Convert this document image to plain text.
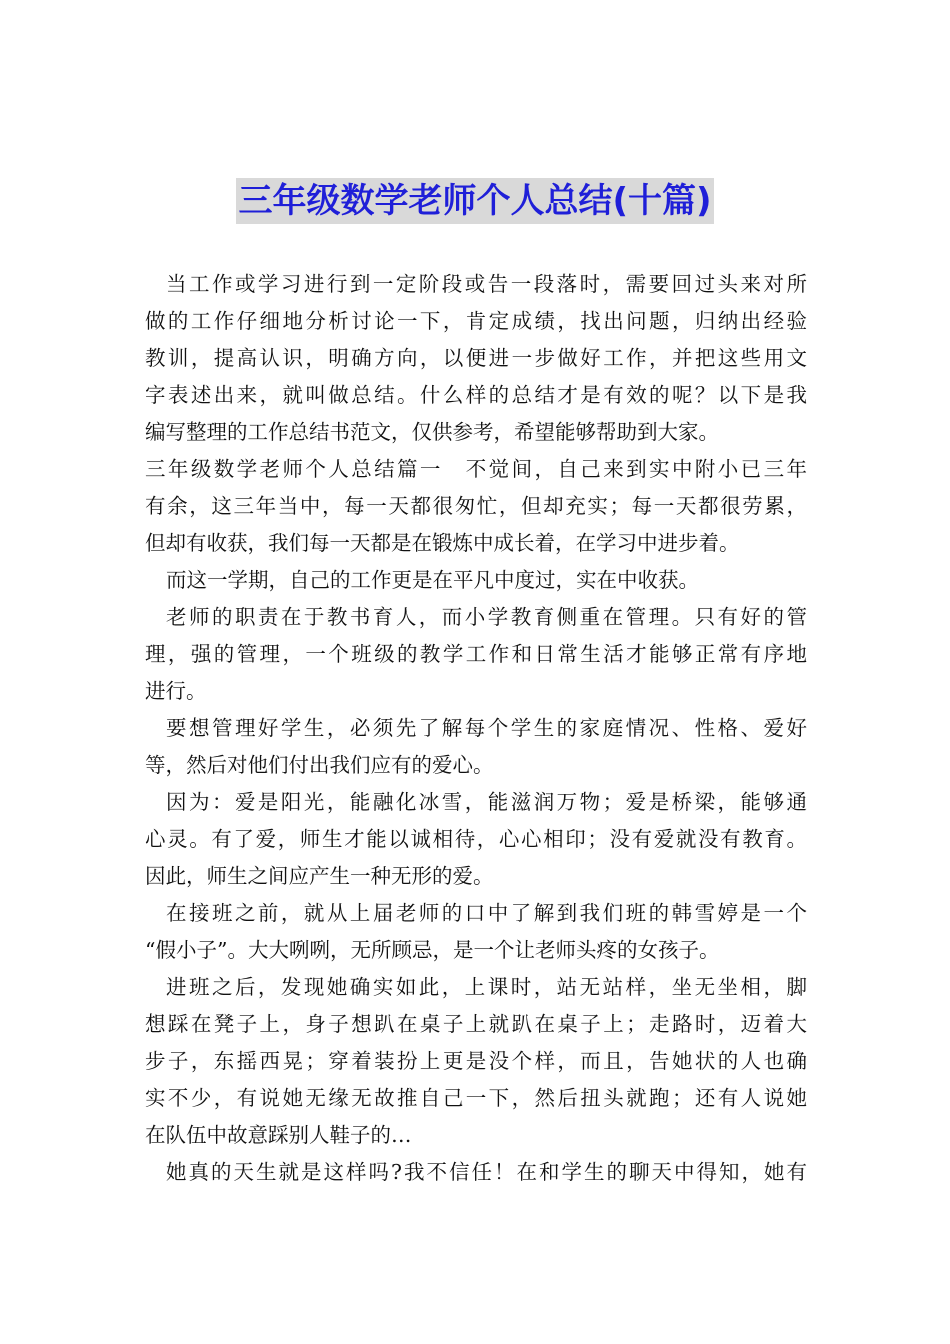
三年级数学老师个人总结(十篇)
当工作或学习进行到一定阶段或告一段落时，需要回过头来对所
做的工作仔细地分析讨论一下，肯定成绩，找出问题，归纳出经验
教训，提高认识，明确方向，以便进一步做好工作，并把这些用文
字表述出来，就叫做总结。什么样的总结才是有效的呢？以下是我
编写整理的工作总结书范文，仅供参考，希望能够帮助到大家。
三年级数学老师个人总结篇一　不觉间，自己来到实中附小已三年
有余，这三年当中，每一天都很匆忙，但却充实；每一天都很劳累，
但却有收获，我们每一天都是在锻炼中成长着，在学习中进步着。
而这一学期，自己的工作更是在平凡中度过，实在中收获。
老师的职责在于教书育人，而小学教育侧重在管理。只有好的管
理，强的管理，一个班级的教学工作和日常生活才能够正常有序地
进行。
要想管理好学生，必须先了解每个学生的家庭情况、性格、爱好
等，然后对他们付出我们应有的爱心。
因为：爱是阳光，能融化冰雪，能滋润万物；爱是桥梁，能够通
心灵。有了爱，师生才能以诚相待，心心相印；没有爱就没有教育。
因此，师生之间应产生一种无形的爱。
在接班之前，就从上届老师的口中了解到我们班的韩雪婷是一个
“假小子”。大大咧咧，无所顾忌，是一个让老师头疼的女孩子。
进班之后，发现她确实如此，上课时，站无站样，坐无坐相，脚
想踩在凳子上，身子想趴在桌子上就趴在桌子上；走路时，迈着大
步子，东摇西晃；穿着装扮上更是没个样，而且，告她状的人也确
实不少，有说她无缘无故推自己一下，然后扭头就跑；还有人说她
在队伍中故意踩别人鞋子的…
她真的天生就是这样吗?我不信任！在和学生的聊天中得知，她有
